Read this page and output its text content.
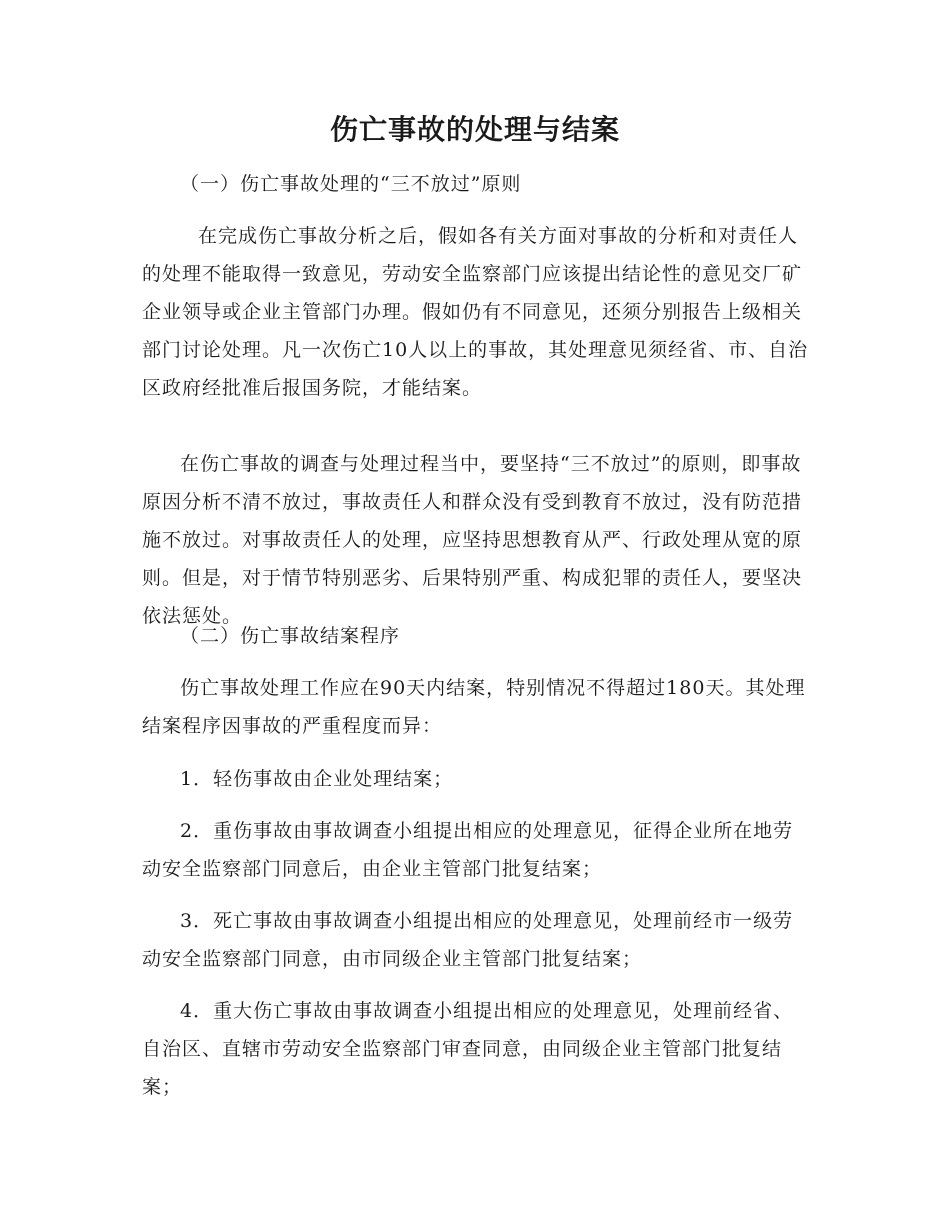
伤亡事故的处理与结案

（一）伤亡事故处理的“三不放过”原则

在完成伤亡事故分析之后，假如各有关方面对事故的分析和对责任人的处理不能取得一致意见，劳动安全监察部门应该提出结论性的意见交厂矿企业领导或企业主管部门办理。假如仍有不同意见，还须分别报告上级相关部门讨论处理。凡一次伤亡10人以上的事故，其处理意见须经省、市、自治区政府经批准后报国务院，才能结案。

在伤亡事故的调查与处理过程当中，要坚持“三不放过”的原则，即事故原因分析不清不放过，事故责任人和群众没有受到教育不放过，没有防范措施不放过。对事故责任人的处理，应坚持思想教育从严、行政处理从宽的原则。但是，对于情节特别恶劣、后果特别严重、构成犯罪的责任人，要坚决依法惩处。

（二）伤亡事故结案程序

伤亡事故处理工作应在90天内结案，特别情况不得超过180天。其处理结案程序因事故的严重程度而异：

1．轻伤事故由企业处理结案；

2．重伤事故由事故调查小组提出相应的处理意见，征得企业所在地劳动安全监察部门同意后，由企业主管部门批复结案；

3．死亡事故由事故调查小组提出相应的处理意见，处理前经市一级劳动安全监察部门同意，由市同级企业主管部门批复结案；

4．重大伤亡事故由事故调查小组提出相应的处理意见，处理前经省、自治区、直辖市劳动安全监察部门审查同意，由同级企业主管部门批复结案；
